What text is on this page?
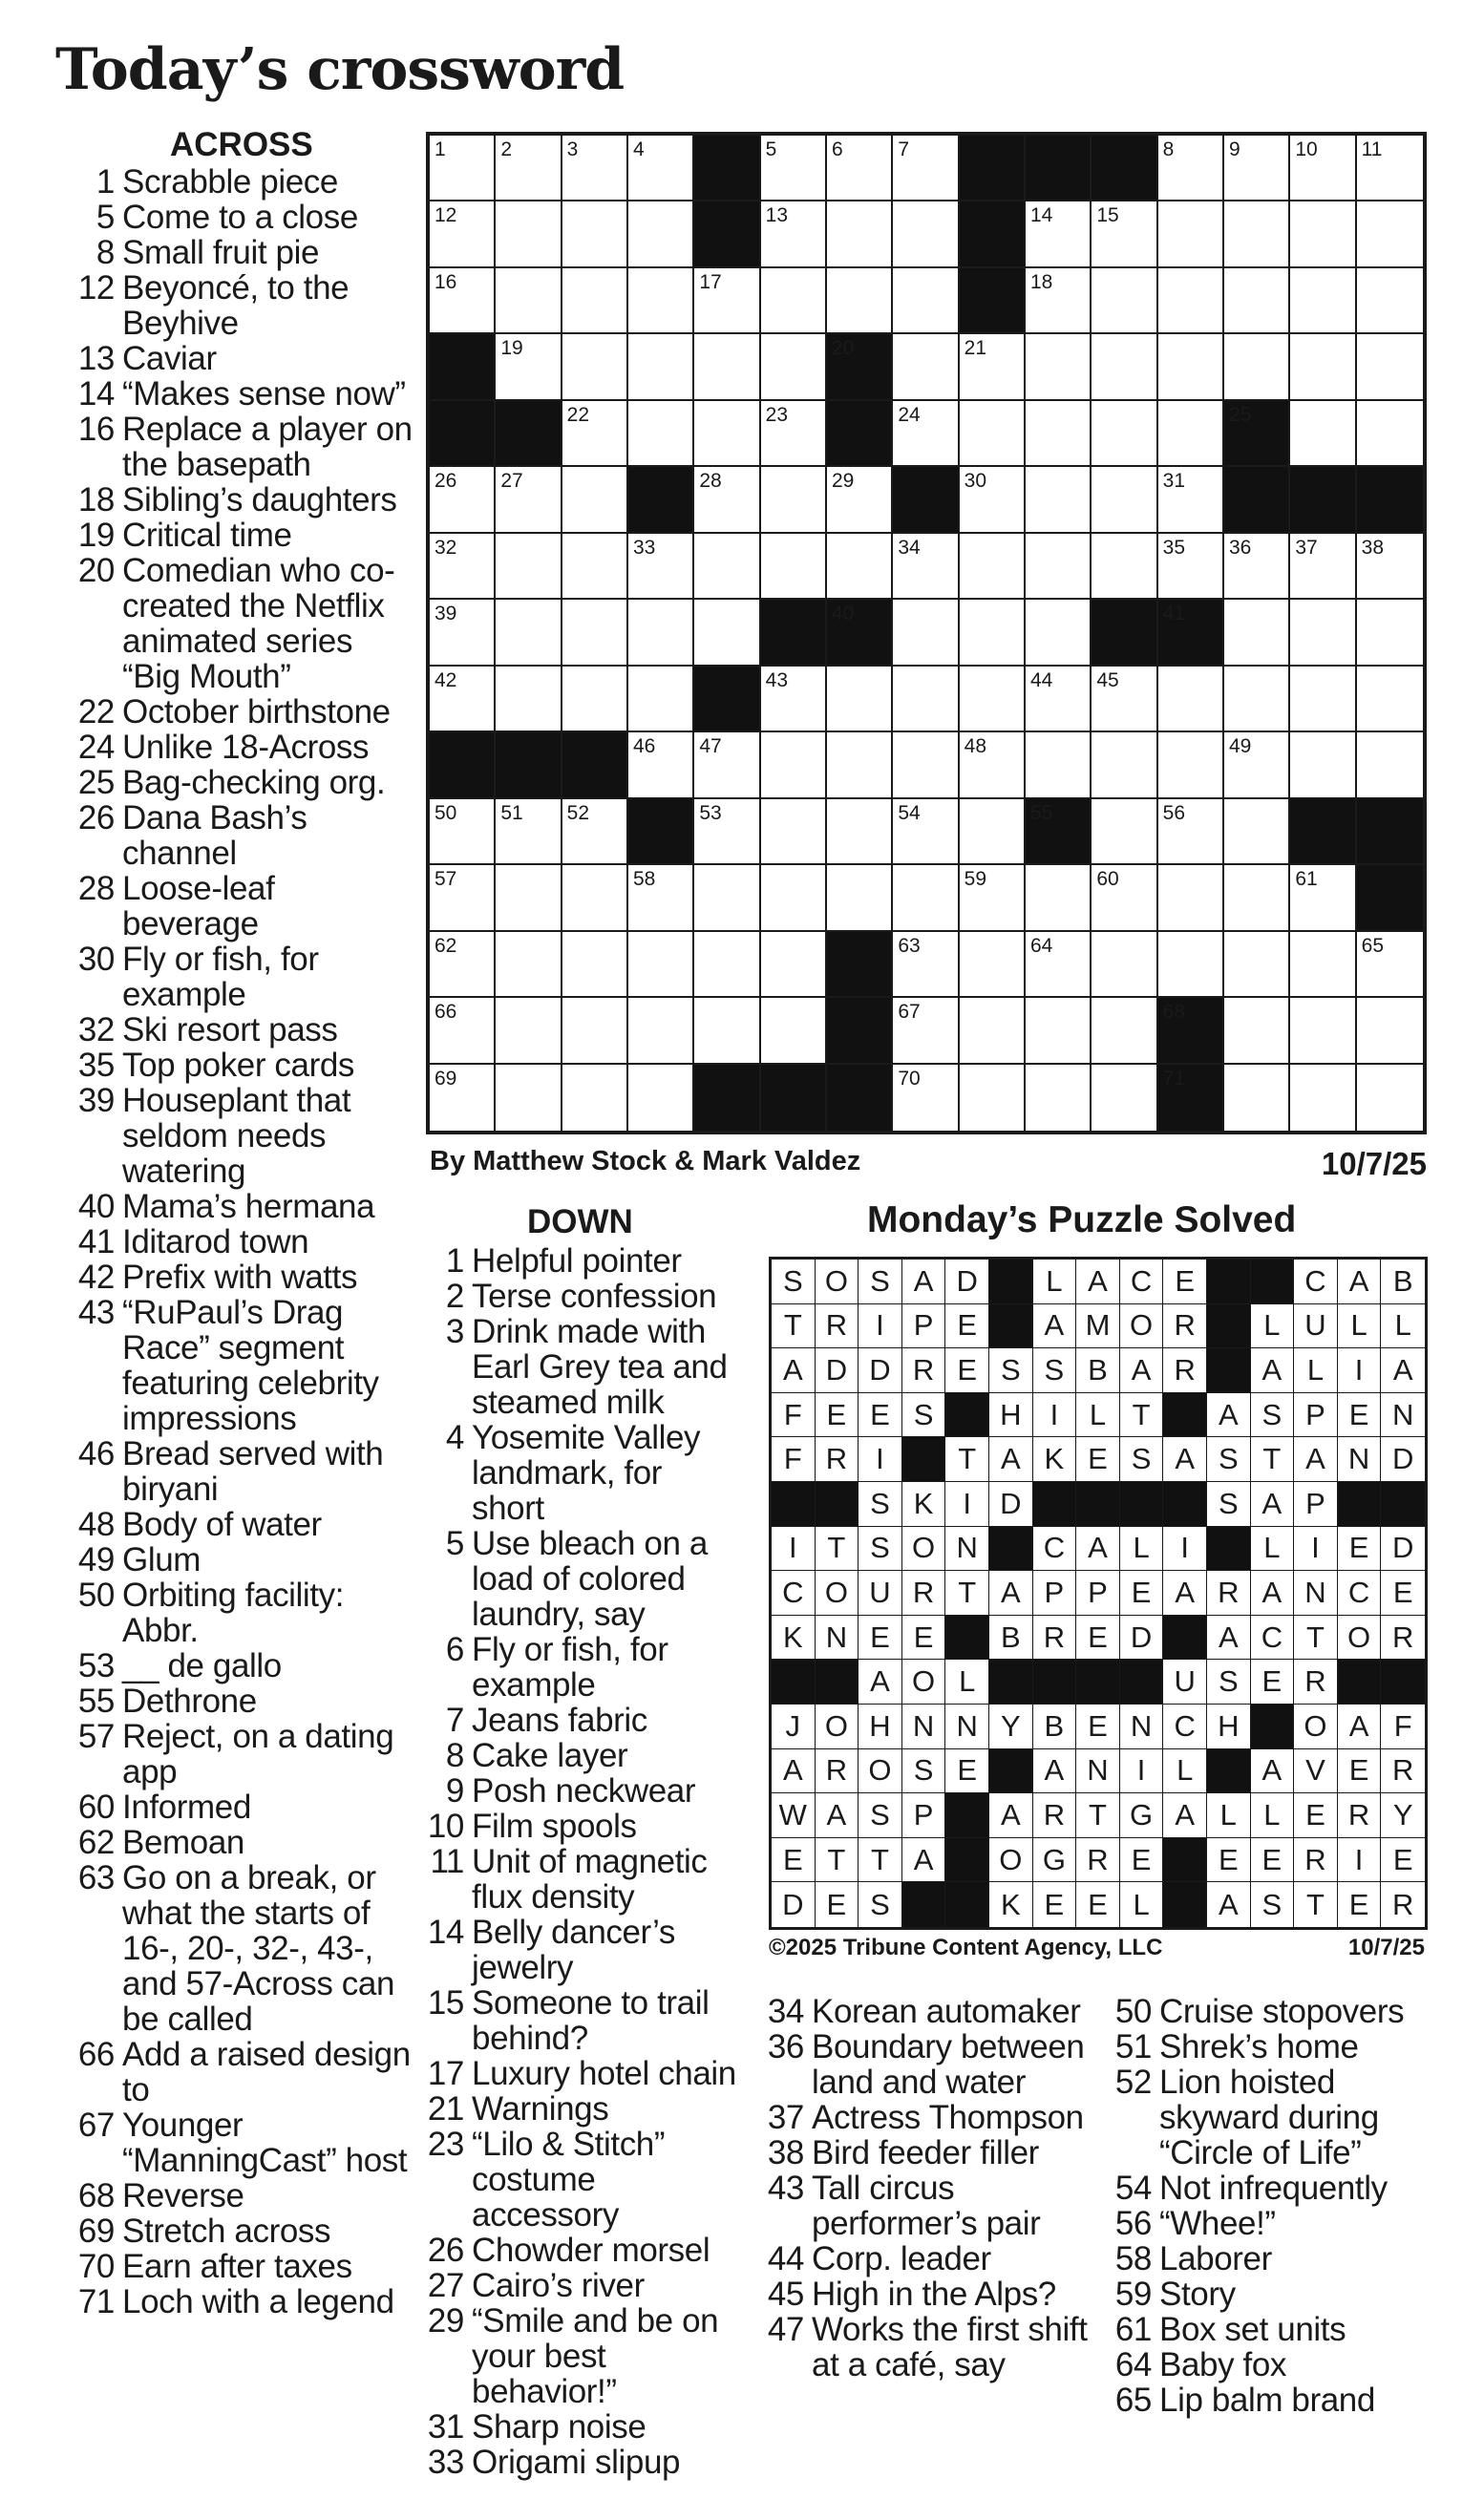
Today’s crossword
ACROSS
1 Scrabble piece
5 Come to a close
8 Small fruit pie
12 Beyoncé, to the Beyhive
13 Caviar
14 “Makes sense now”
16 Replace a player on the basepath
18 Sibling’s daughters
19 Critical time
20 Comedian who co-created the Netflix animated series “Big Mouth”
22 October birthstone
24 Unlike 18-Across
25 Bag-checking org.
26 Dana Bash’s channel
28 Loose-leaf beverage
30 Fly or fish, for example
32 Ski resort pass
35 Top poker cards
39 Houseplant that seldom needs watering
40 Mama’s hermana
41 Iditarod town
42 Prefix with watts
43 “RuPaul’s Drag Race” segment featuring celebrity impressions
46 Bread served with biryani
48 Body of water
49 Glum
50 Orbiting facility: Abbr.
53 __ de gallo
55 Dethrone
57 Reject, on a dating app
60 Informed
62 Bemoan
63 Go on a break, or what the starts of 16-, 20-, 32-, 43-, and 57-Across can be called
66 Add a raised design to
67 Younger “ManningCast” host
68 Reverse
69 Stretch across
70 Earn after taxes
71 Loch with a legend
1	2	3	4	5	6	7	8	9	10 11
12	13	14 15
16	17	18
19	20	21
22	23	24	25
26 27	28	29	30	31
32	33	34	35 36 37 38
39	40	41
42	43	44 45
46 47	48	49
50 51 52	53	54	55	56
57	58	59	60	61
62	63	64	65
66	67	68
69	70	71
By Matthew Stock & Mark Valdez	10/7/25
DOWN
1 Helpful pointer
2 Terse confession
3 Drink made with Earl Grey tea and steamed milk
4 Yosemite Valley landmark, for short
5 Use bleach on a load of colored laundry, say
6 Fly or fish, for example
7 Jeans fabric
8 Cake layer
9 Posh neckwear
10 Film spools
11 Unit of magnetic flux density
14 Belly dancer’s jewelry
15 Someone to trail behind?
17 Luxury hotel chain
21 Warnings
23 “Lilo & Stitch” costume accessory
26 Chowder morsel
27 Cairo’s river
29 “Smile and be on your best behavior!”
31 Sharp noise
33 Origami slipup
Monday’s Puzzle Solved
S O S A D	L A C E	C A B
T R I P E	A M O R	L U L L
A D D R E S S B A R	A L	I	A
F E E S	H I	L T	A S P E N
F R I	T A K E S A S T A N D
S K I D	S A P
I	T S O N	C A L	I	L	I E D
C O U R T A P P E A R A N C E
K N E E	B R E D	A C T O R
A O L	U S E R
J O H N N Y B E N C H	O A F
A R O S E	A N I	L	A V E R
W A S P	A R T G A L L E R Y
E T T A	O G R E	E E R I	E
D E S	K E E L	A S T E R
©2025 Tribune Content Agency, LLC	10/7/25
34 Korean automaker
36 Boundary between land and water
37 Actress Thompson
38 Bird feeder filler
43 Tall circus performer’s pair
44 Corp. leader
45 High in the Alps?
47 Works the first shift at a café, say
50 Cruise stopovers
51 Shrek’s home
52 Lion hoisted skyward during “Circle of Life”
54 Not infrequently
56 “Whee!”
58 Laborer
59 Story
61 Box set units
64 Baby fox
65 Lip balm brand
